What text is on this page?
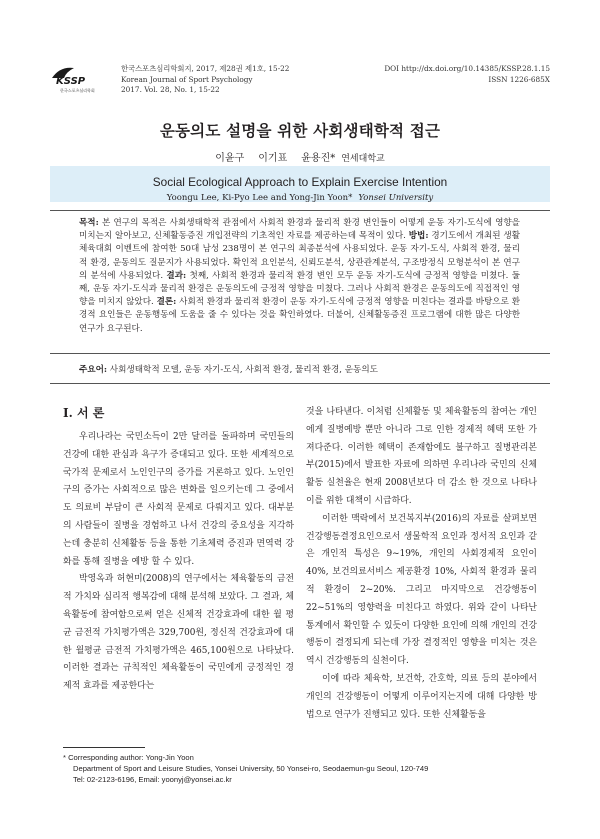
KSSP
한국스포츠심리학회
한국스포츠심리학회지, 2017, 제28권 제1호, 15-22
Korean Journal of Sport Psychology
2017. Vol. 28, No. 1, 15-22
DOI http://dx.doi.org/10.14385/KSSP.28.1.15
ISSN 1226-685X
운동의도 설명을 위한 사회생태학적 접근
이윤구 이기표 윤용진* 연세대학교
Social Ecological Approach to Explain Exercise Intention
Yoongu Lee, Ki-Pyo Lee and Yong-Jin Yoon* Yonsei University

목적: 본 연구의 목적은 사회생태학적 관점에서 사회적 환경과 물리적 환경 변인들이 어떻게 운동 자기-도식에 영향을 미치는지 알아보고, 신체활동증진 개입전략의 기초적인 자료를 제공하는데 목적이 있다. 방법: 경기도에서 개최된 생활체육대회 이벤트에 참여한 50대 남성 238명이 본 연구의 최종분석에 사용되었다. 운동 자기-도식, 사회적 환경, 물리적 환경, 운동의도 질문지가 사용되었다. 확인적 요인분석, 신뢰도분석, 상관관계분석, 구조방정식 모형분석이 본 연구의 분석에 사용되었다. 결과: 첫째, 사회적 환경과 물리적 환경 변인 모두 운동 자기-도식에 긍정적 영향을 미쳤다. 둘째, 운동 자기-도식과 물리적 환경은 운동의도에 긍정적 영향을 미쳤다. 그러나 사회적 환경은 운동의도에 직접적인 영향을 미치지 않았다. 결론: 사회적 환경과 물리적 환경이 운동 자기-도식에 긍정적 영향을 미친다는 결과를 바탕으로 환경적 요인들은 운동행동에 도움을 줄 수 있다는 것을 확인하였다. 더불어, 신체활동증진 프로그램에 대한 많은 다양한 연구가 요구된다.

주요어: 사회생태학적 모델, 운동 자기-도식, 사회적 환경, 물리적 환경, 운동의도
I. 서 론

우리나라는 국민소득이 2만 달러를 돌파하며 국민들의 건강에 대한 관심과 욕구가 증대되고 있다. 또한 세계적으로 국가적 문제로서 노인인구의 증가를 거론하고 있다. 노인인구의 증가는 사회적으로 많은 변화를 일으키는데 그 중에서도 의료비 부담이 큰 사회적 문제로 다뤄지고 있다. 대부분의 사람들이 질병을 경험하고 나서 건강의 중요성을 지각하는데 충분히 신체활동 등을 통한 기초체력 증진과 면역력 강화를 통해 질병을 예방 할 수 있다.

박영옥과 허현미(2008)의 연구에서는 체육활동의 금전적 가치와 심리적 행복감에 대해 분석해 보았다. 그 결과, 체육활동에 참여함으로써 얻은 신체적 건강효과에 대한 월 평균 금전적 가치평가액은 329,700원, 정신적 건강효과에 대한 월평균 금전적 가치평가액은 465,100원으로 나타났다. 이러한 결과는 규칙적인 체육활동이 국민에게 긍정적인 경제적 효과를 제공한다는

것을 나타낸다. 이처럼 신체활동 및 체육활동의 참여는 개인에게 질병예방 뿐만 아니라 그로 인한 경제적 혜택 또한 가져다준다. 이러한 혜택이 존재함에도 불구하고 질병관리본부(2015)에서 발표한 자료에 의하면 우리나라 국민의 신체활동 실천율은 현재 2008년보다 더 감소 한 것으로 나타나 이를 위한 대책이 시급하다.

이러한 맥락에서 보건복지부(2016)의 자료를 살펴보면 건강행동결정요인으로서 생물학적 요인과 정서적 요인과 같은 개인적 특성은 9~19%, 개인의 사회경제적 요인이 40%, 보건의료서비스 제공환경 10%, 사회적 환경과 물리적 환경이 2~20%. 그리고 마지막으로 건강행동이 22~51%의 영향력을 미친다고 하였다. 위와 같이 나타난 통계에서 확인할 수 있듯이 다양한 요인에 의해 개인의 건강행동이 결정되게 되는데 가장 결정적인 영향을 미치는 것은 역시 건강행동의 실천이다.

이에 따라 체육학, 보건학, 간호학, 의료 등의 분야에서 개인의 건강행동이 어떻게 이루어지는지에 대해 다양한 방법으로 연구가 진행되고 있다. 또한 신체활동을

* Corresponding author: Yong-Jin Yoon
Department of Sport and Leisure Studies, Yonsei University, 50 Yonsei-ro, Seodaemun-gu Seoul, 120-749
Tel: 02-2123-6196, Email: yoonyj@yonsei.ac.kr
